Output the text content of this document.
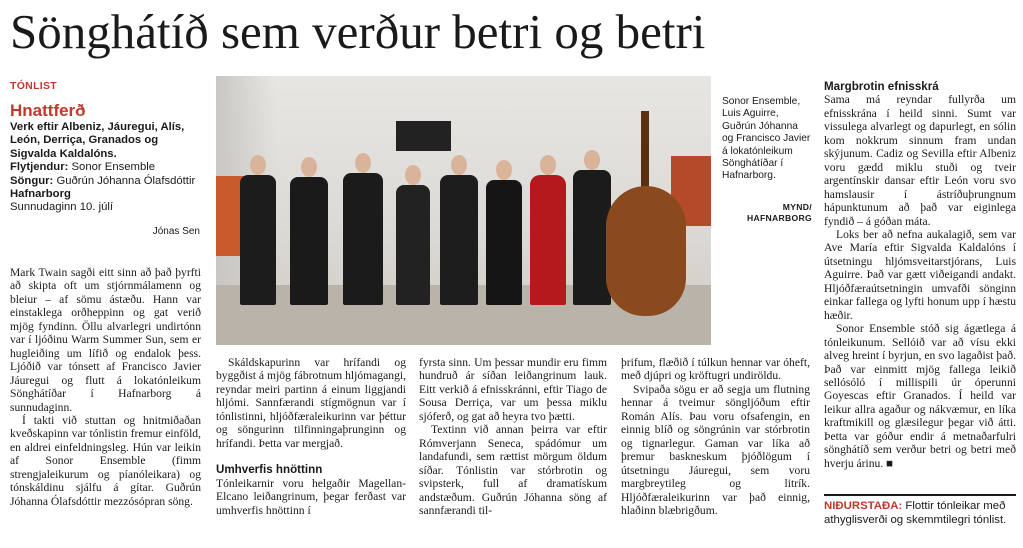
Sönghátíð sem verður betri og betri
TÓNLIST
Hnattferð
Verk eftir Albeniz, Jáuregui, Alís, León, Derriça, Granados og Sigvalda Kaldalóns.
Flytjendur: Sonor Ensemble
Söngur: Guðrún Jóhanna Ólafsdóttir
Hafnarborg
Sunnudaginn 10. júlí
Jónas Sen

Mark Twain sagði eitt sinn að það þyrfti að skipta oft um stjórnmálamenn og bleiur – af sömu ástæðu. Hann var einstaklega orðheppinn og gat verið mjög fyndinn. Öllu alvarlegri undirtónn var í ljóðinu Warm Summer Sun, sem er hugleiðing um lífið og endalok þess. Ljóðið var tónsett af Francisco Javier Jáuregui og flutt á lokatónleikum Sönghátíðar í Hafnarborg á sunnudaginn.

Í takti við stuttan og hnitmiðaðan kveðskapinn var tónlistin fremur einföld, en aldrei einfeldningsleg. Hún var leikin af Sonor Ensemble (fimm strengjaleikurum og píanóleikara) og tónskáldinu sjálfu á gítar. Guðrún Jóhanna Ólafsdóttir mezzósópran söng.

Sonor Ensemble, Luis Aguirre, Guðrún Jóhanna og Francisco Javier á lokatónleikum Sönghátíðar í Hafnarborg.
MYND/ HAFNARBORG

Skáldskapurinn var hrífandi og byggðist á mjög fábrotnum hljómagangi, reyndar meiri partinn á einum liggjandi hljómi. Sannfærandi stígmögnun var í tónlistinni, hljóðfæraleikurinn var þéttur og söngurinn tilfinningaþrunginn og hrífandi. Þetta var mergjað.

Umhverfis hnöttinn

Tónleikarnir voru helgaðir Magellan-Elcano leiðangrinum, þegar ferðast var umhverfis hnöttinn í

fyrsta sinn. Um þessar mundir eru fimm hundruð ár síðan leiðangrinum lauk. Eitt verkið á efnisskránni, eftir Tiago de Sousa Derriça, var um þessa miklu sjóferð, og gat að heyra tvo þætti.

Textinn við annan þeirra var eftir Rómverjann Seneca, spádómur um landafundi, sem rættist mörgum öldum síðar. Tónlistin var stórbrotin og svipsterk, full af dramatískum andstæðum. Guðrún Jóhanna söng af sannfærandi til-

þrifum, flæðið í túlkun hennar var óheft, með djúpri og kröftugri undiröldu.

Svipaða sögu er að segja um flutning hennar á tveimur söngljóðum eftir Román Alís. Þau voru ofsafengin, en einnig blíð og söngrúnin var stórbrotin og tignarlegur. Gaman var líka að þremur baskneskum þjóðlögum í útsetningu Jáuregui, sem voru margbreytileg og litrík. Hljóðfæraleikurinn var það einnig, hlaðinn blæbrigðum.

Margbrotin efnisskrá

Sama má reyndar fullyrða um efnisskrána í heild sinni. Sumt var vissulega alvarlegt og dapurlegt, en sólin kom nokkrum sinnum fram undan skýjunum. Cadiz og Sevilla eftir Albeniz voru gædd miklu stuði og tveir argentínskir dansar eftir León voru svo hamslausir í ástríðuþrungnum hápunktunum að það var eiginlega fyndið – á góðan máta.

Loks ber að nefna aukalagið, sem var Ave María eftir Sigvalda Kaldalóns í útsetningu hljómsveitarstjórans, Luis Aguirre. Það var gætt viðeigandi andakt. Hljóðfæraútsetningin umvafði sönginn einkar fallega og lyfti honum upp í hæstu hæðir.

Sonor Ensemble stóð sig ágætlega á tónleikunum. Sellóið var að vísu ekki alveg hreint í byrjun, en svo lagaðist það. Það var einmitt mjög fallega leikið sellósóló í millispili úr óperunni Goyescas eftir Granados. Í heild var leikur allra agaður og nákvæmur, en líka kraftmikill og glæsilegur þegar við átti. Þetta var góður endir á metnaðarfulri sönghátíð sem verður betri og betri með hverju árinu. ■

NIÐURSTAÐA: Flottir tónleikar með athyglisverði og skemmtilegri tónlist.
